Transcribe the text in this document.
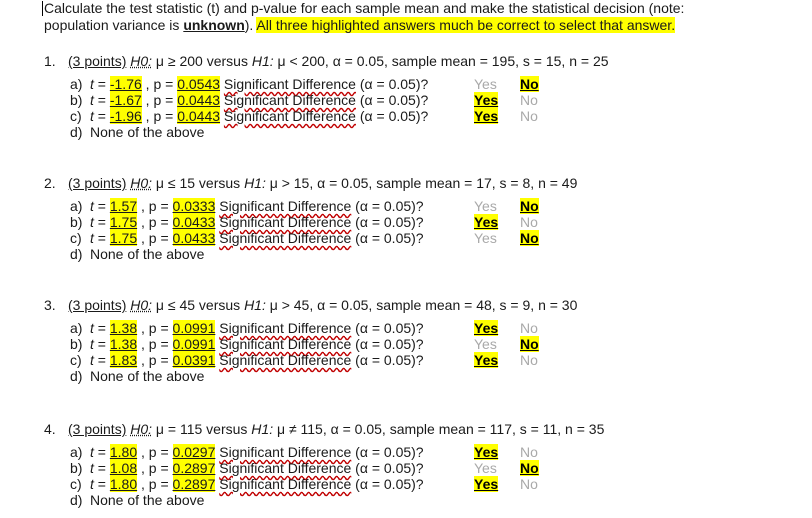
Calculate the test statistic (t) and p-value for each sample mean and make the statistical decision (note:
population variance is unknown). All three highlighted answers much be correct to select that answer.
1. (3 points) H0: μ ≥ 200 versus H1: μ < 200, α = 0.05, sample mean = 195, s = 15, n = 25
a) t = -1.76 , p = 0.0543 Significant Difference (α = 0.05)?	Yes No
b) t = -1.67 , p = 0.0443 Significant Difference (α = 0.05)?	Yes No
c) t = -1.96 , p = 0.0443 Significant Difference (α = 0.05)?	Yes No
d) None of the above
2. (3 points) H0: μ ≤ 15 versus H1: μ > 15, α = 0.05, sample mean = 17, s = 8, n = 49
a) t = 1.57 , p = 0.0333 Significant Difference (α = 0.05)?	Yes No
b) t = 1.75 , p = 0.0433 Significant Difference (α = 0.05)?	Yes No
c) t = 1.75 , p = 0.0433 Significant Difference (α = 0.05)?	Yes No
d) None of the above
3. (3 points) H0: μ ≤ 45 versus H1: μ > 45, α = 0.05, sample mean = 48, s = 9, n = 30
a) t = 1.38 , p = 0.0991 Significant Difference (α = 0.05)?	Yes No
b) t = 1.38 , p = 0.0991 Significant Difference (α = 0.05)?	Yes No
c) t = 1.83 , p = 0.0391 Significant Difference (α = 0.05)?	Yes No
d) None of the above
4. (3 points) H0: μ = 115 versus H1: μ ≠ 115, α = 0.05, sample mean = 117, s = 11, n = 35
a) t = 1.80 , p = 0.0297 Significant Difference (α = 0.05)?	Yes No
b) t = 1.08 , p = 0.2897 Significant Difference (α = 0.05)?	Yes No
c) t = 1.80 , p = 0.2897 Significant Difference (α = 0.05)?	Yes No
d) None of the above
